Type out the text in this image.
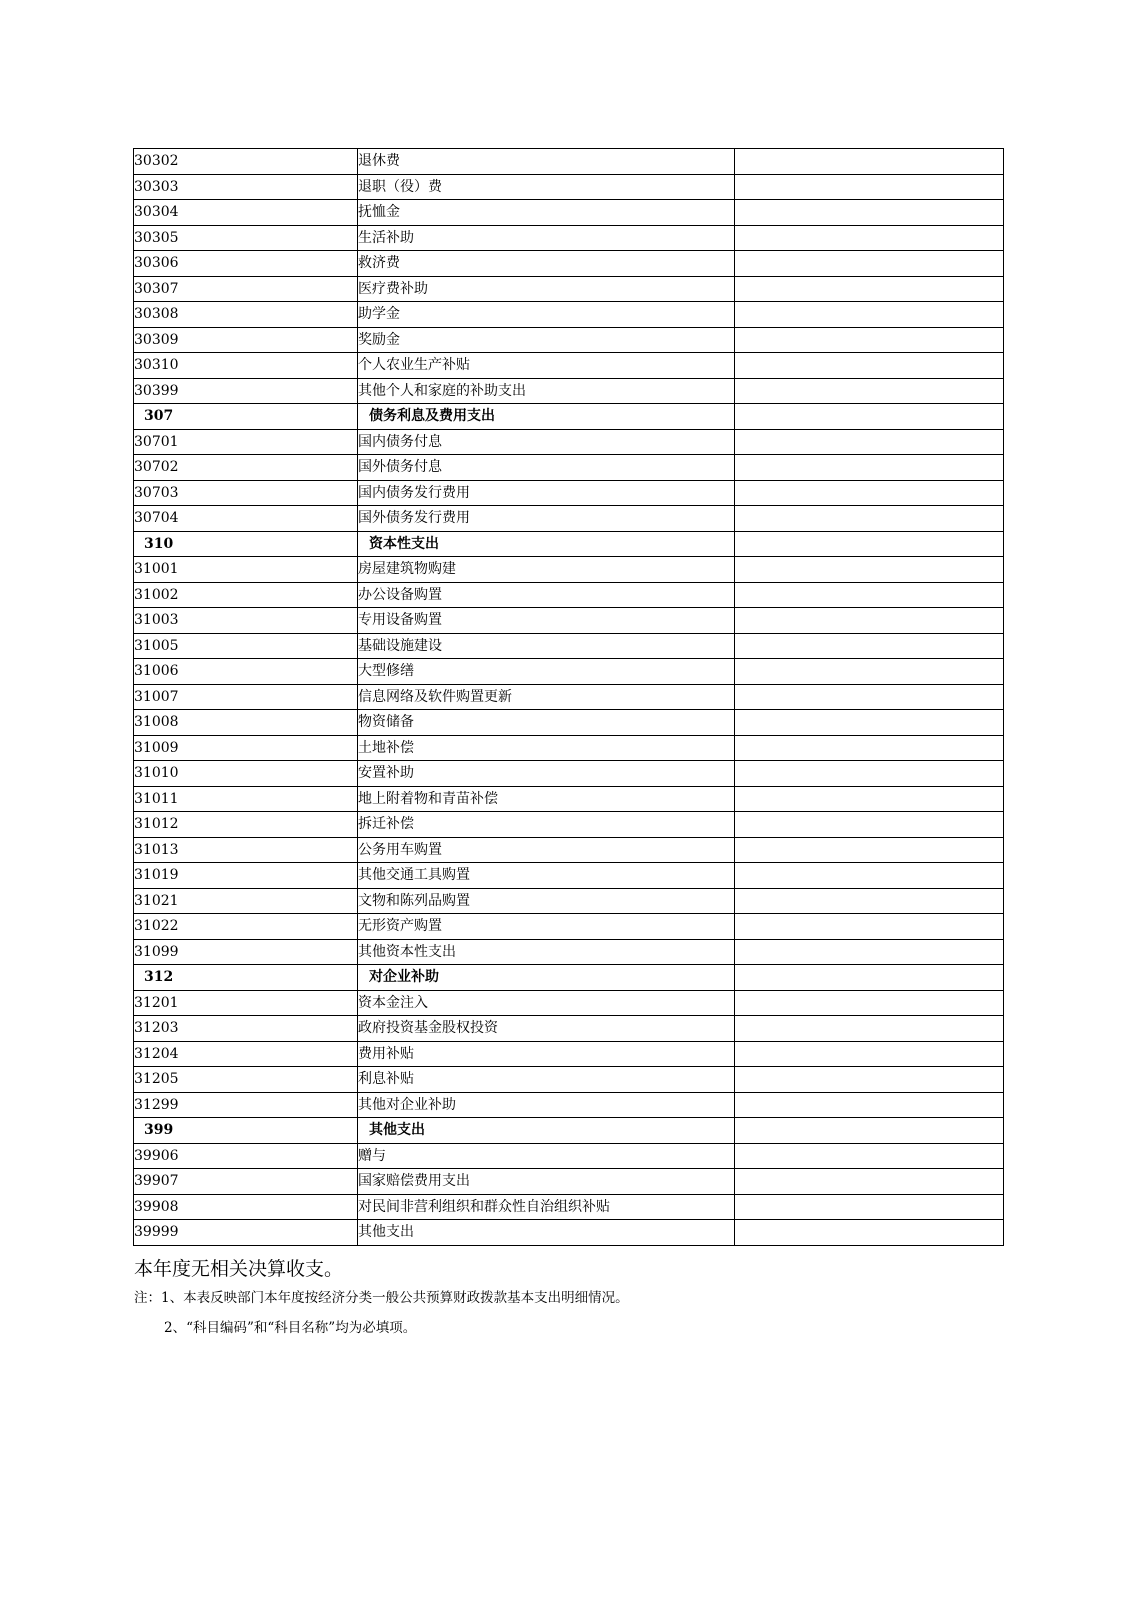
30302	退休费	
30303	退职（役）费	
30304	抚恤金	
30305	生活补助	
30306	救济费	
30307	医疗费补助	
30308	助学金	
30309	奖励金	
30310	个人农业生产补贴	
30399	其他个人和家庭的补助支出	
307	债务利息及费用支出	
30701	国内债务付息	
30702	国外债务付息	
30703	国内债务发行费用	
30704	国外债务发行费用	
310	资本性支出	
31001	房屋建筑物购建	
31002	办公设备购置	
31003	专用设备购置	
31005	基础设施建设	
31006	大型修缮	
31007	信息网络及软件购置更新	
31008	物资储备	
31009	土地补偿	
31010	安置补助	
31011	地上附着物和青苗补偿	
31012	拆迁补偿	
31013	公务用车购置	
31019	其他交通工具购置	
31021	文物和陈列品购置	
31022	无形资产购置	
31099	其他资本性支出	
312	对企业补助	
31201	资本金注入	
31203	政府投资基金股权投资	
31204	费用补贴	
31205	利息补贴	
31299	其他对企业补助	
399	其他支出	
39906	赠与	
39907	国家赔偿费用支出	
39908	对民间非营利组织和群众性自治组织补贴	
39999	其他支出	
本年度无相关决算收支。
注：1、本表反映部门本年度按经济分类一般公共预算财政拨款基本支出明细情况。
2、“科目编码”和“科目名称”均为必填项。
